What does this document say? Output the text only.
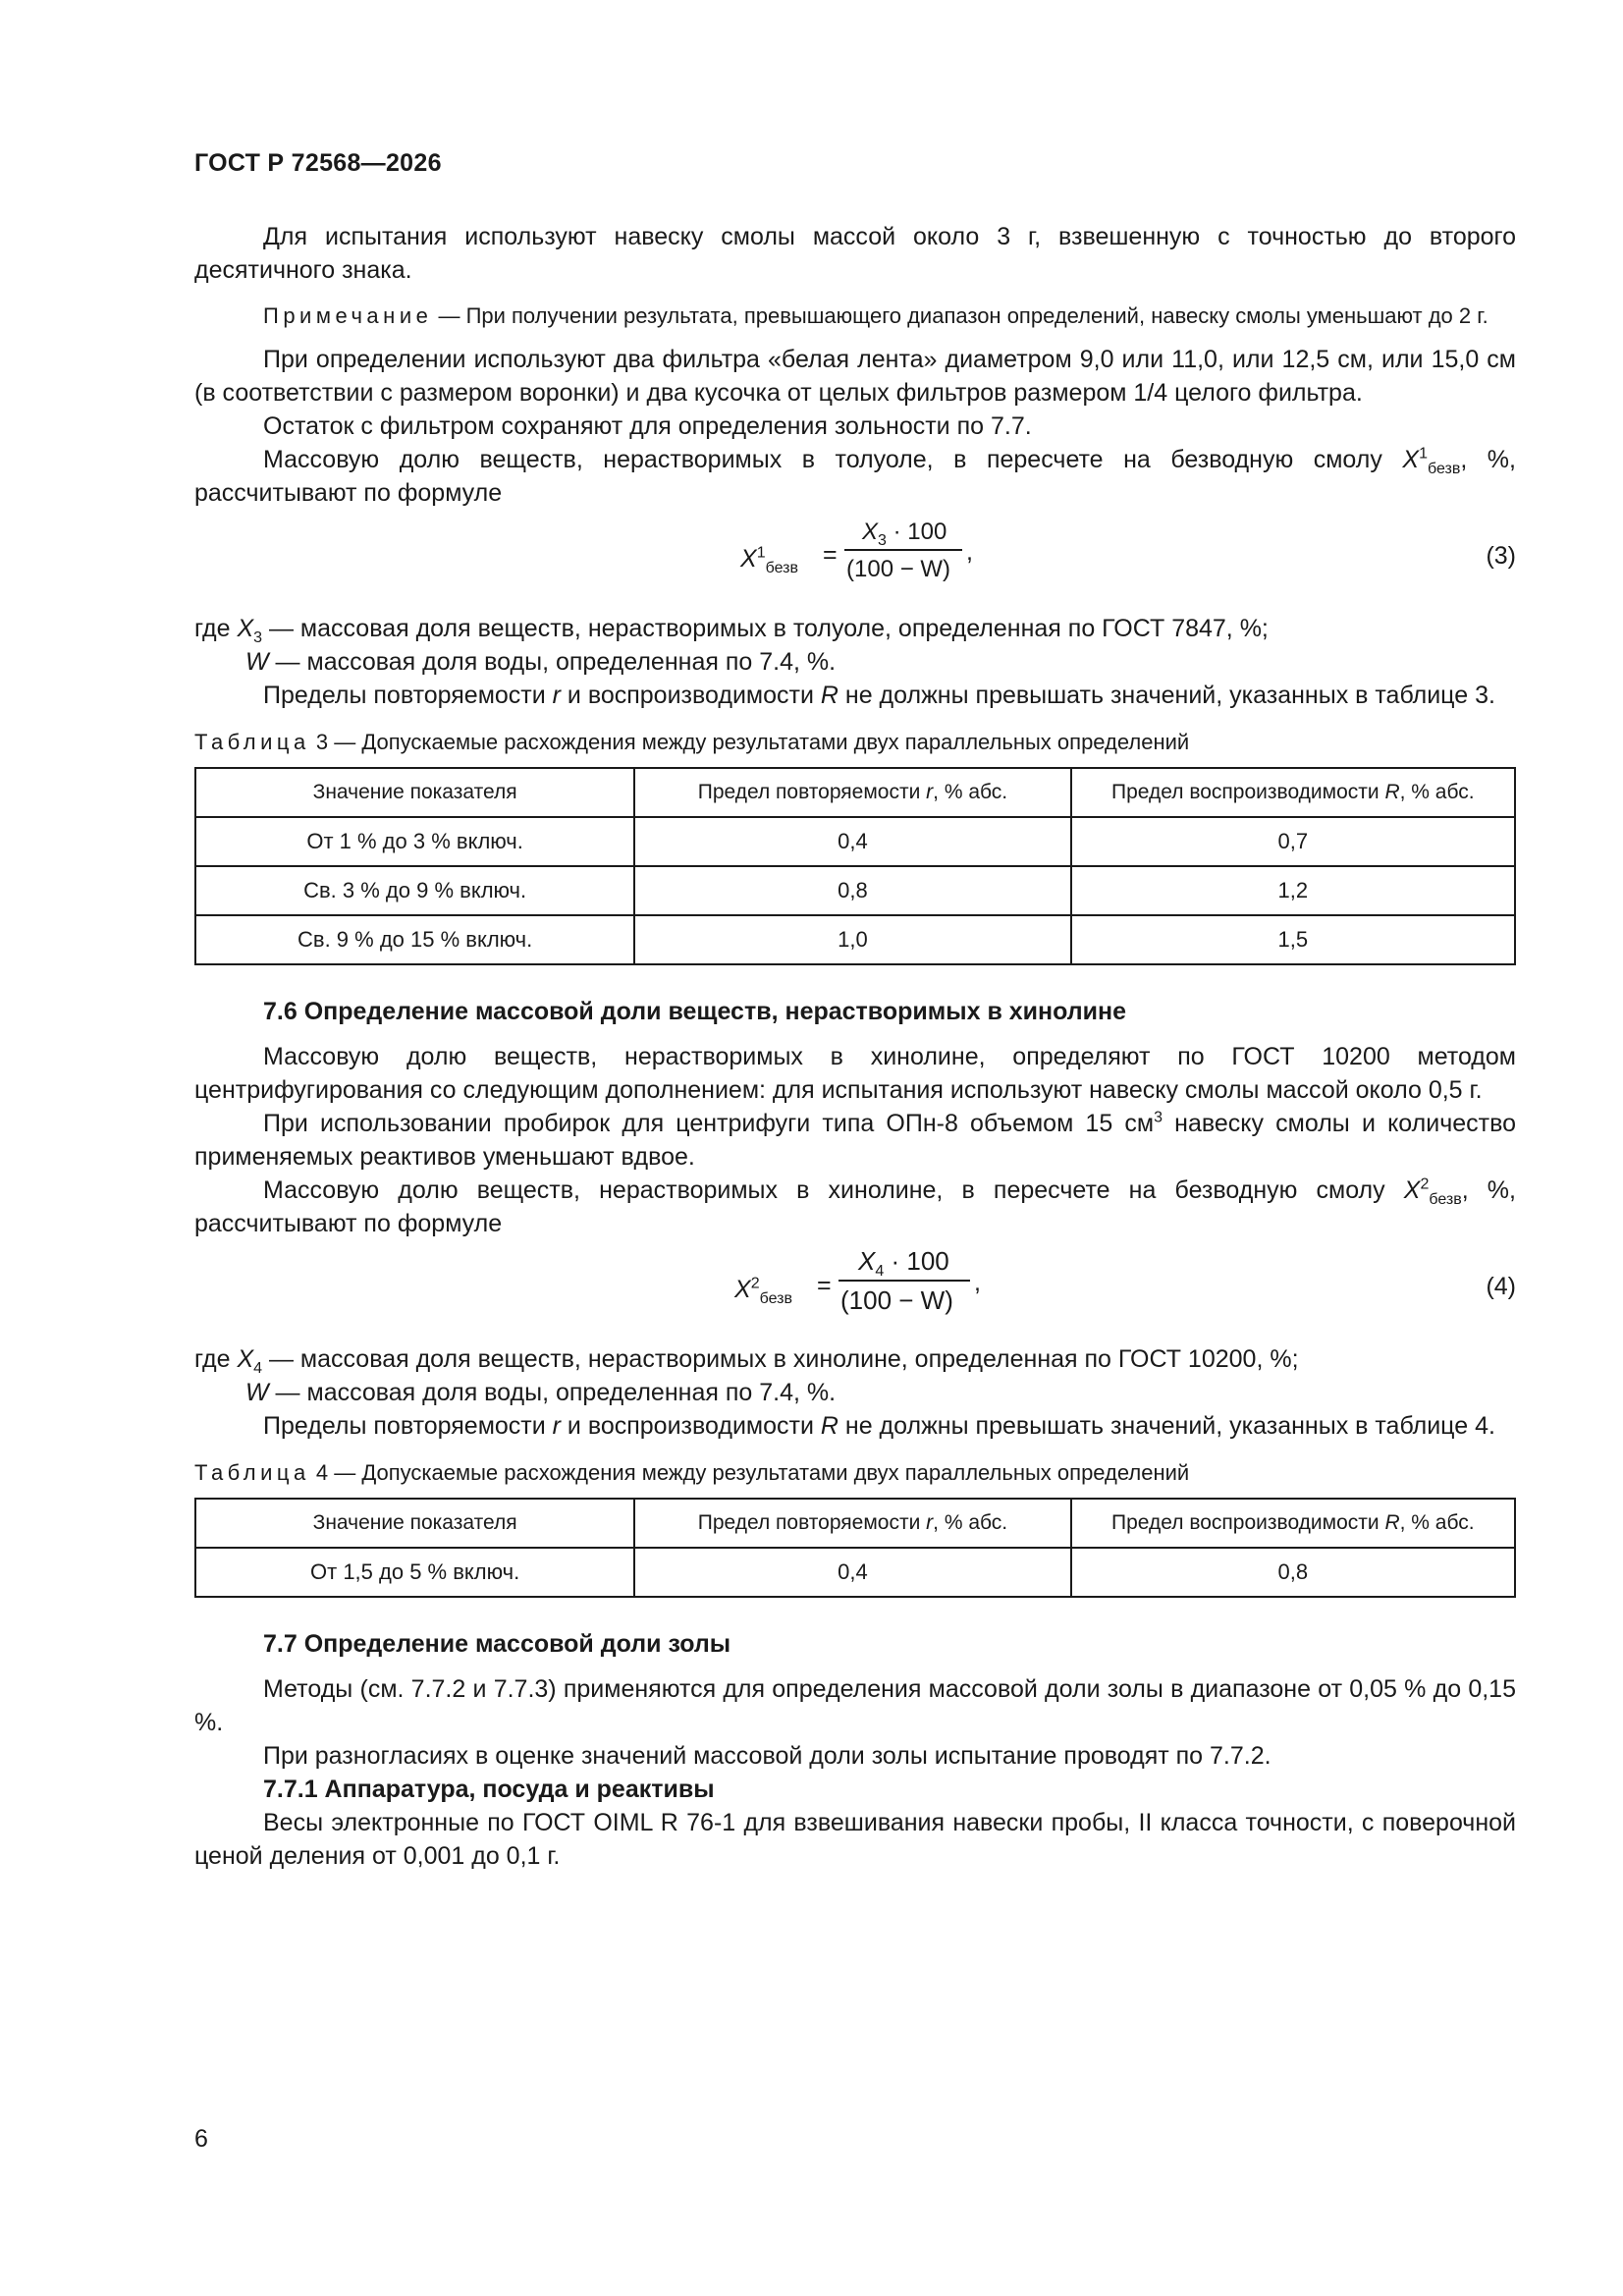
ГОСТ Р 72568—2026

Для испытания используют навеску смолы массой около 3 г, взвешенную с точностью до второго десятичного знака.

Примечание — При получении результата, превышающего диапазон определений, навеску смолы уменьшают до 2 г.

При определении используют два фильтра «белая лента» диаметром 9,0 или 11,0, или 12,5 см, или 15,0 см (в соответствии с размером воронки) и два кусочка от целых фильтров размером 1/4 целого фильтра.

Остаток с фильтром сохраняют для определения зольности по 7.7.

Массовую долю веществ, нерастворимых в толуоле, в пересчете на безводную смолу $X^1_{безв}$, %, рассчитывают по формуле

$X^1_{безв}$ =
$X_3 \cdot 100$
(100 − W)
,	(3)

где $X_3$ — массовая доля веществ, нерастворимых в толуоле, определенная по ГОСТ 7847, %;

W — массовая доля воды, определенная по 7.4, %.

Пределы повторяемости r и воспроизводимости R не должны превышать значений, указанных в таблице 3.

Таблица 3 — Допускаемые расхождения между результатами двух параллельных определений

Значение показателя	Предел повторяемости r, % абс.	Предел воспроизводимости R, % абс.
От 1 % до 3 % включ.	0,4	0,7
Св. 3 % до 9 % включ.	0,8	1,2
Св. 9 % до 15 % включ.	1,0	1,5
7.6 Определение массовой доли веществ, нерастворимых в хинолине

Массовую долю веществ, нерастворимых в хинолине, определяют по ГОСТ 10200 методом центрифугирования со следующим дополнением: для испытания используют навеску смолы массой около 0,5 г.

При использовании пробирок для центрифуги типа ОПн-8 объемом 15 $см^3$ навеску смолы и количество применяемых реактивов уменьшают вдвое.

Массовую долю веществ, нерастворимых в хинолине, в пересчете на безводную смолу $X^2_{безв}$, %, рассчитывают по формуле

$X^2_{безв}$ =
$X_4 \cdot 100$
(100 − W)
,	(4)

где $X_4$ — массовая доля веществ, нерастворимых в хинолине, определенная по ГОСТ 10200, %;

W — массовая доля воды, определенная по 7.4, %.

Пределы повторяемости r и воспроизводимости R не должны превышать значений, указанных в таблице 4.

Таблица 4 — Допускаемые расхождения между результатами двух параллельных определений

Значение показателя	Предел повторяемости r, % абс.	Предел воспроизводимости R, % абс.
От 1,5 до 5 % включ.	0,4	0,8
7.7 Определение массовой доли золы

Методы (см. 7.7.2 и 7.7.3) применяются для определения массовой доли золы в диапазоне от 0,05 % до 0,15 %.

При разногласиях в оценке значений массовой доли золы испытание проводят по 7.7.2.

7.7.1 Аппаратура, посуда и реактивы

Весы электронные по ГОСТ OIML R 76-1 для взвешивания навески пробы, II класса точности, с поверочной ценой деления от 0,001 до 0,1 г.

6
